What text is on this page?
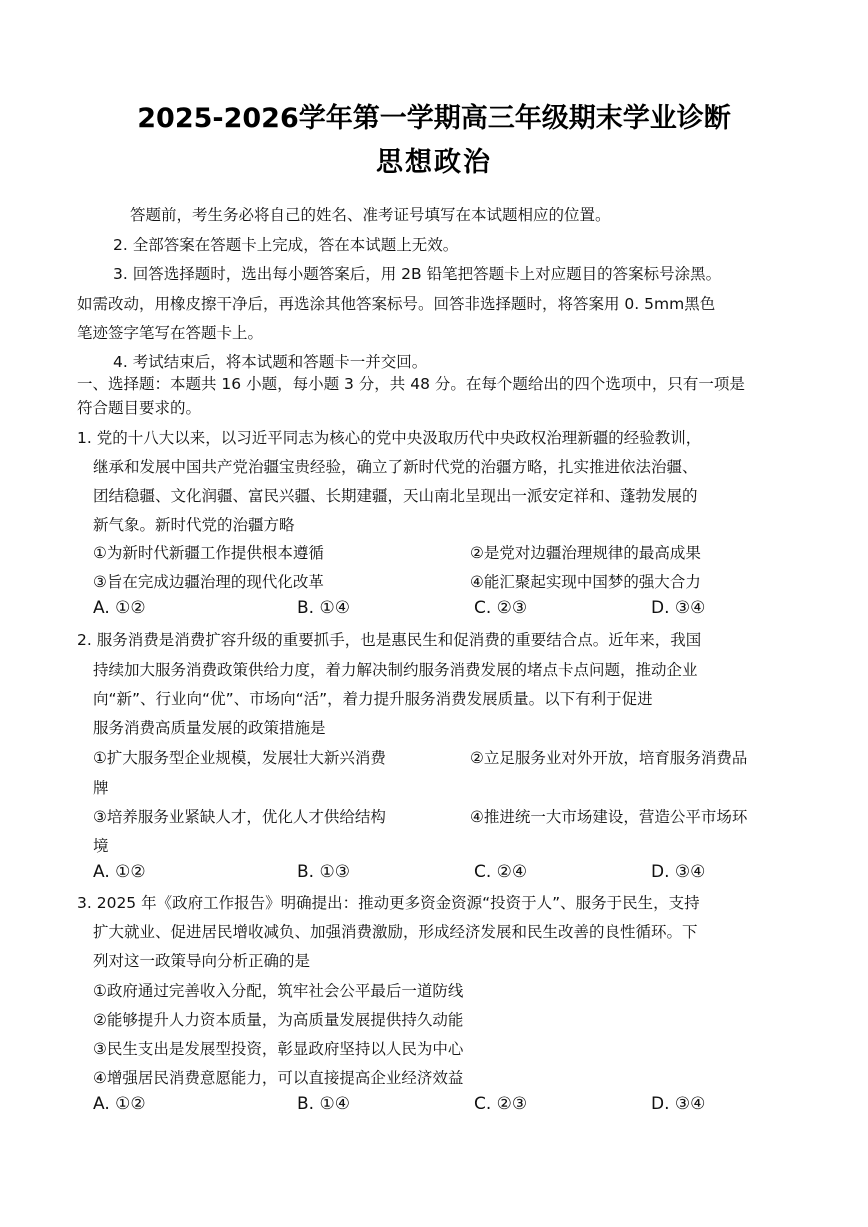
2025-2026学年第一学期高三年级期末学业诊断
思想政治
答题前，考生务必将自己的姓名、准考证号填写在本试题相应的位置。
2. 全部答案在答题卡上完成，答在本试题上无效。
3. 回答选择题时，选出每小题答案后，用 2B 铅笔把答题卡上对应题目的答案标号涂黑。
如需改动，用橡皮擦干净后，再选涂其他答案标号。回答非选择题时，将答案用 0. 5mm黑色
笔迹签字笔写在答题卡上。
4. 考试结束后，将本试题和答题卡一并交回。
一、选择题：本题共 16 小题，每小题 3 分，共 48 分。在每个题给出的四个选项中，只有一项是
符合题目要求的。
1. 党的十八大以来，以习近平同志为核心的党中央汲取历代中央政权治理新疆的经验教训，
继承和发展中国共产党治疆宝贵经验，确立了新时代党的治疆方略，扎实推进依法治疆、
团结稳疆、文化润疆、富民兴疆、长期建疆，天山南北呈现出一派安定祥和、蓬勃发展的
新气象。新时代党的治疆方略
①为新时代新疆工作提供根本遵循	②是党对边疆治理规律的最高成果
③旨在完成边疆治理的现代化改革	④能汇聚起实现中国梦的强大合力
A. ①②	B. ①④	C. ②③	D. ③④
2. 服务消费是消费扩容升级的重要抓手，也是惠民生和促消费的重要结合点。近年来，我国
持续加大服务消费政策供给力度，着力解决制约服务消费发展的堵点卡点问题，推动企业
向“新”、行业向“优”、市场向“活”，着力提升服务消费发展质量。以下有利于促进
服务消费高质量发展的政策措施是
①扩大服务型企业规模，发展壮大新兴消费	②立足服务业对外开放，培育服务消费品
牌
③培养服务业紧缺人才，优化人才供给结构	④推进统一大市场建设，营造公平市场环
境
A. ①②	B. ①③	C. ②④	D. ③④
3. 2025 年《政府工作报告》明确提出：推动更多资金资源“投资于人”、服务于民生，支持
扩大就业、促进居民增收减负、加强消费激励，形成经济发展和民生改善的良性循环。下
列对这一政策导向分析正确的是
①政府通过完善收入分配，筑牢社会公平最后一道防线
②能够提升人力资本质量，为高质量发展提供持久动能
③民生支出是发展型投资，彰显政府坚持以人民为中心
④增强居民消费意愿能力，可以直接提高企业经济效益
A. ①②	B. ①④	C. ②③	D. ③④
